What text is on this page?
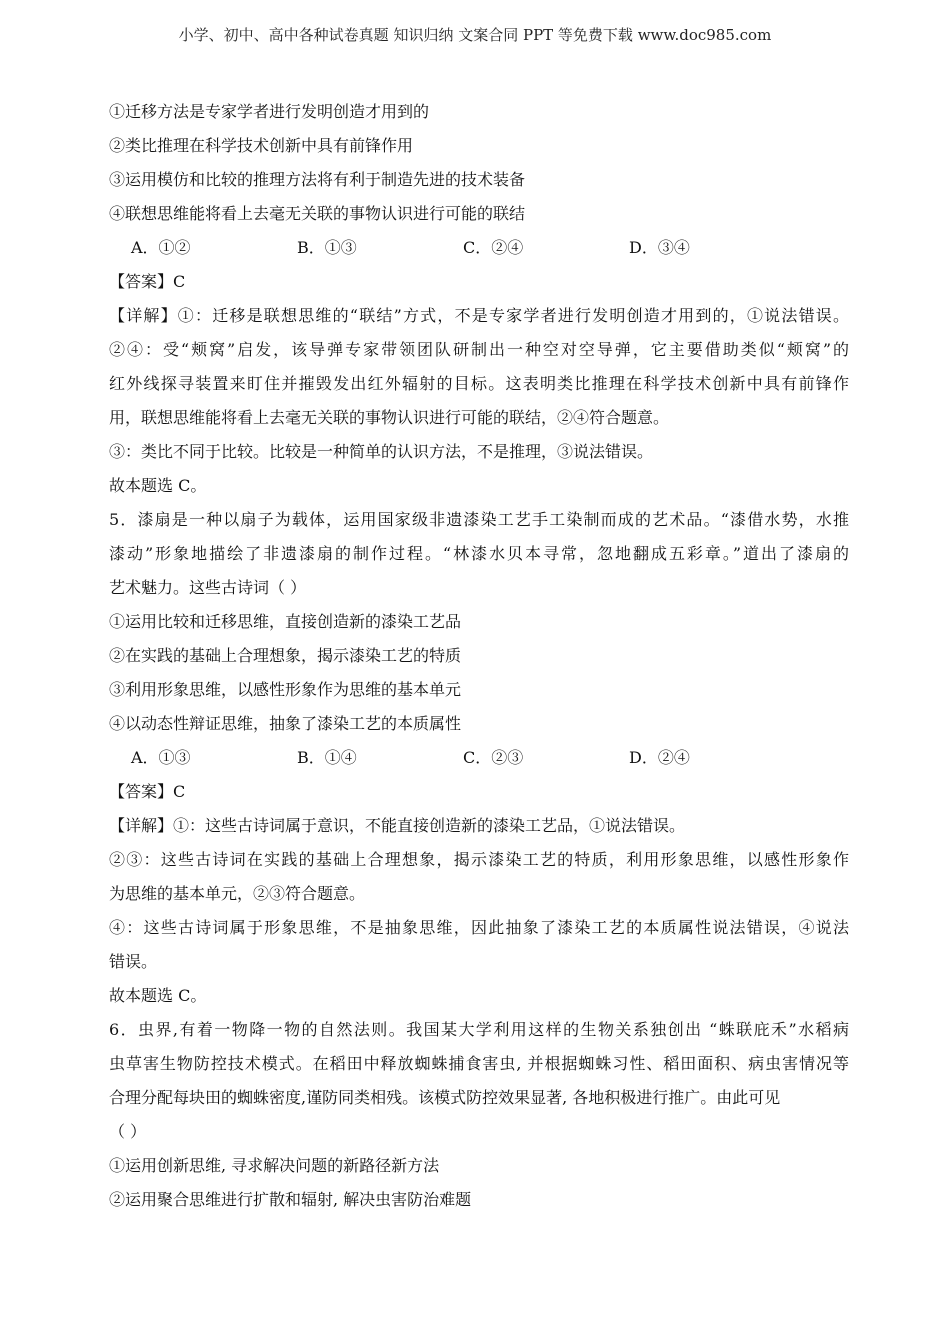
小学、初中、高中各种试卷真题 知识归纳 文案合同 PPT 等免费下载 www.doc985.com
①迁移方法是专家学者进行发明创造才用到的
②类比推理在科学技术创新中具有前锋作用
③运用模仿和比较的推理方法将有利于制造先进的技术装备
④联想思维能将看上去毫无关联的事物认识进行可能的联结
A．①②	B．①③	C．②④	D．③④
【答案】C
【详解】①：迁移是联想思维的“联结”方式，不是专家学者进行发明创造才用到的，①说法错误。
②④：受“颊窝”启发，该导弹专家带领团队研制出一种空对空导弹，它主要借助类似“颊窝”的
红外线探寻装置来盯住并摧毁发出红外辐射的目标。这表明类比推理在科学技术创新中具有前锋作
用，联想思维能将看上去毫无关联的事物认识进行可能的联结，②④符合题意。
③：类比不同于比较。比较是一种简单的认识方法，不是推理，③说法错误。
故本题选 C。
5．漆扇是一种以扇子为载体，运用国家级非遗漆染工艺手工染制而成的艺术品。“漆借水势，水推
漆动”形象地描绘了非遗漆扇的制作过程。“林漆水贝本寻常，忽地翻成五彩章。”道出了漆扇的
艺术魅力。这些古诗词（ ）
①运用比较和迁移思维，直接创造新的漆染工艺品
②在实践的基础上合理想象，揭示漆染工艺的特质
③利用形象思维，以感性形象作为思维的基本单元
④以动态性辩证思维，抽象了漆染工艺的本质属性
A．①③	B．①④	C．②③	D．②④
【答案】C
【详解】①：这些古诗词属于意识，不能直接创造新的漆染工艺品，①说法错误。
②③：这些古诗词在实践的基础上合理想象，揭示漆染工艺的特质，利用形象思维，以感性形象作
为思维的基本单元，②③符合题意。
④：这些古诗词属于形象思维，不是抽象思维，因此抽象了漆染工艺的本质属性说法错误，④说法
错误。
故本题选 C。
6．虫界,有着一物降一物的自然法则。我国某大学利用这样的生物关系独创出 “蛛联庇禾”水稻病
虫草害生物防控技术模式。在稻田中释放蜘蛛捕食害虫, 并根据蜘蛛习性、稻田面积、病虫害情况等
合理分配每块田的蜘蛛密度,谨防同类相残。该模式防控效果显著, 各地积极进行推广。由此可见
（ ）
①运用创新思维, 寻求解决问题的新路径新方法
②运用聚合思维进行扩散和辐射, 解决虫害防治难题
